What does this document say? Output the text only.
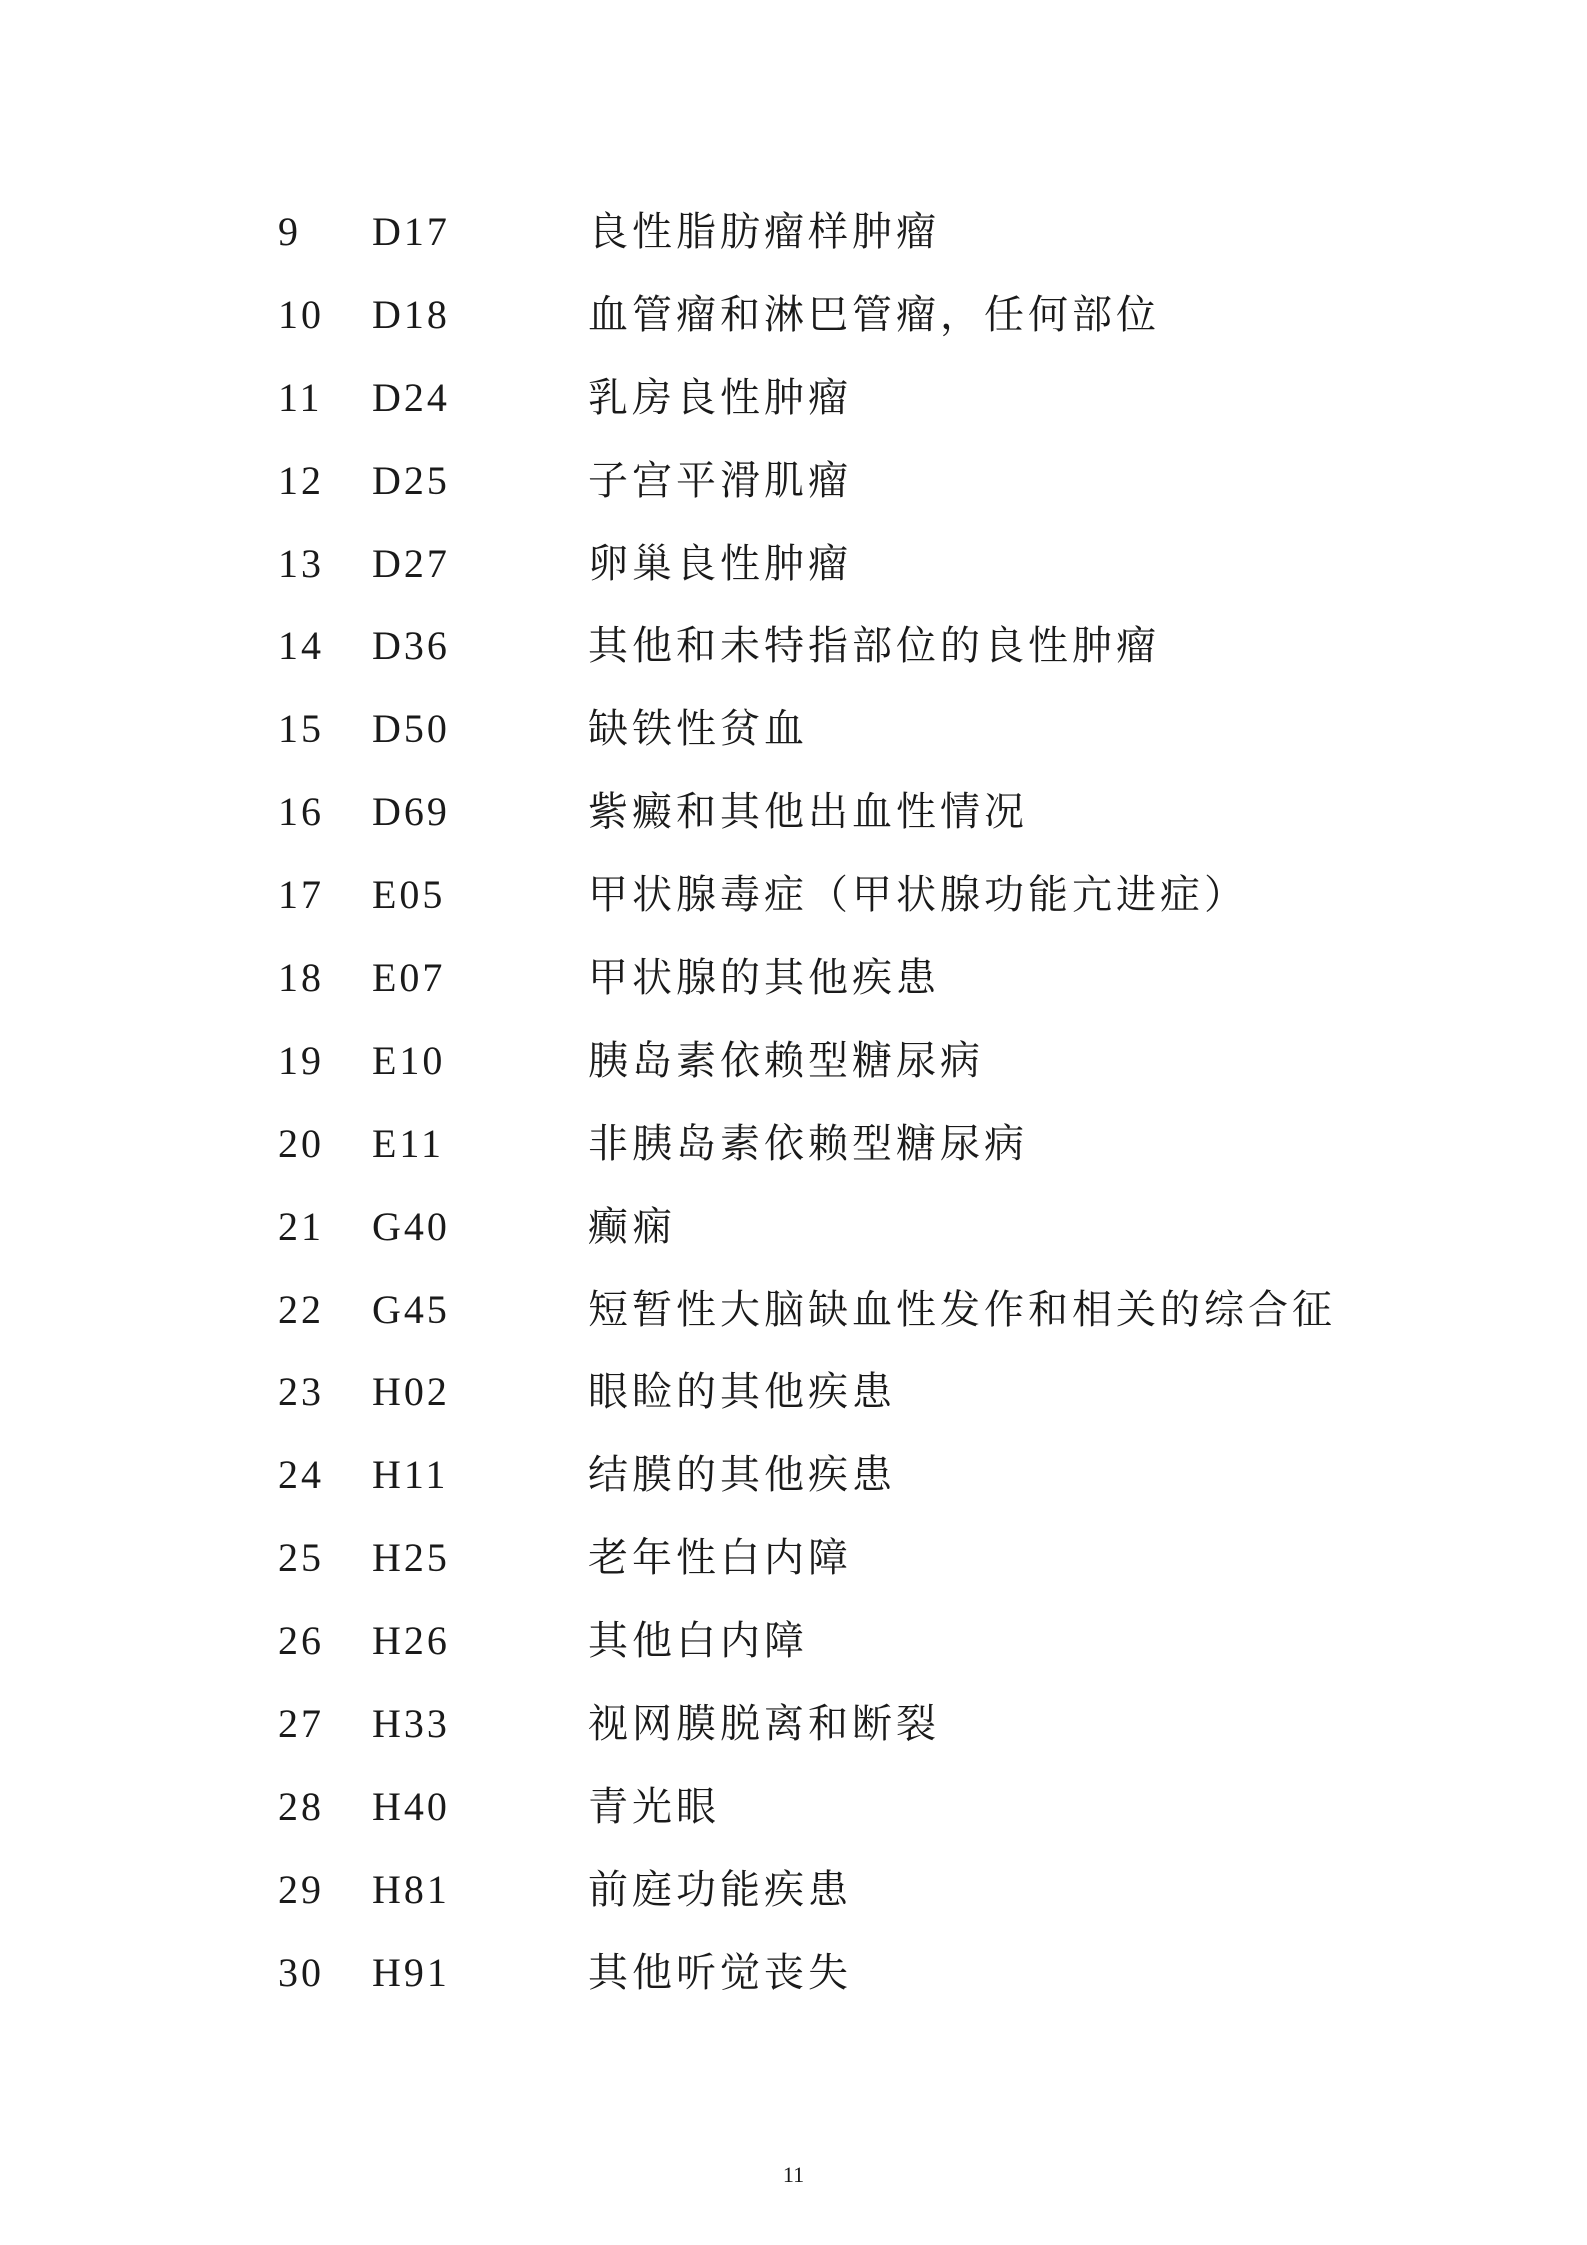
9 D17	良性脂肪瘤样肿瘤
10 D18	血管瘤和淋巴管瘤，任何部位
11 D24	乳房良性肿瘤
12 D25	子宫平滑肌瘤
13 D27	卵巢良性肿瘤
14 D36	其他和未特指部位的良性肿瘤
15 D50	缺铁性贫血
16 D69	紫癜和其他出血性情况
17 E05	甲状腺毒症（甲状腺功能亢进症）
18 E07	甲状腺的其他疾患
19 E10	胰岛素依赖型糖尿病
20 E11	非胰岛素依赖型糖尿病
21 G40	癫痫
22 G45	短暂性大脑缺血性发作和相关的综合征
23 H02	眼睑的其他疾患
24 H11	结膜的其他疾患
25 H25	老年性白内障
26 H26	其他白内障
27 H33	视网膜脱离和断裂
28 H40	青光眼
29 H81	前庭功能疾患
30 H91	其他听觉丧失
11
